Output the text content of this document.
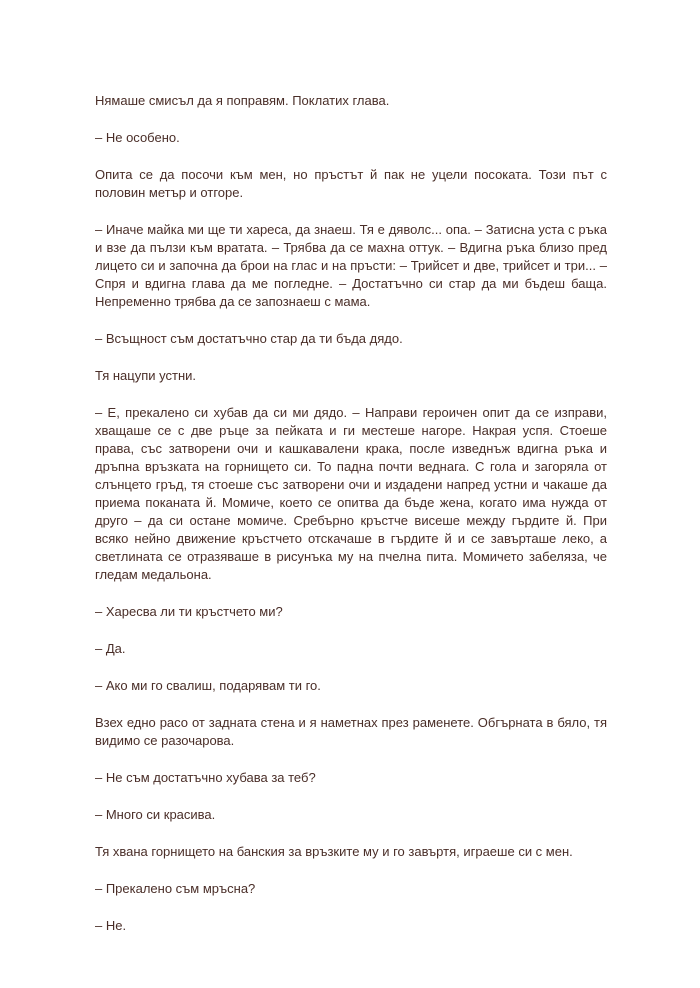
Нямаше смисъл да я поправям. Поклатих глава.

– Не особено.

Опита се да посочи към мен, но пръстът й пак не уцели посоката. Този път с половин метър и отгоре.

– Иначе майка ми ще ти хареса, да знаеш. Тя е дяволс... опа. – Затисна уста с ръка и взе да пълзи към вратата. – Трябва да се махна оттук. – Вдигна ръка близо пред лицето си и започна да брои на глас и на пръсти: – Трийсет и две, трийсет и три... – Спря и вдигна глава да ме погледне. – Достатъчно си стар да ми бъдеш баща. Непременно трябва да се запознаеш с мама.

– Всъщност съм достатъчно стар да ти бъда дядо.

Тя нацупи устни.

– Е, прекалено си хубав да си ми дядо. – Направи героичен опит да се изправи, хващаше се с две ръце за пейката и ги местеше нагоре. Накрая успя. Стоеше права, със затворени очи и кашкавалени крака, после изведнъж вдигна ръка и дръпна връзката на горнището си. То падна почти веднага. С гола и загоряла от слънцето гръд, тя стоеше със затворени очи и издадени напред устни и чакаше да приема поканата й. Момиче, което се опитва да бъде жена, когато има нужда от друго – да си остане момиче. Сребърно кръстче висеше между гърдите й. При всяко нейно движение кръстчето отскачаше в гърдите й и се завърташе леко, а светлината се отразяваше в рисунъка му на пчелна пита. Момичето забеляза, че гледам медальона.

– Харесва ли ти кръстчето ми?

– Да.

– Ако ми го свалиш, подарявам ти го.

Взех едно расо от задната стена и я наметнах през раменете. Обгърната в бяло, тя видимо се разочарова.

– Не съм достатъчно хубава за теб?

– Много си красива.

Тя хвана горнището на банския за връзките му и го завъртя, играеше си с мен.

– Прекалено съм мръсна?

– Не.
